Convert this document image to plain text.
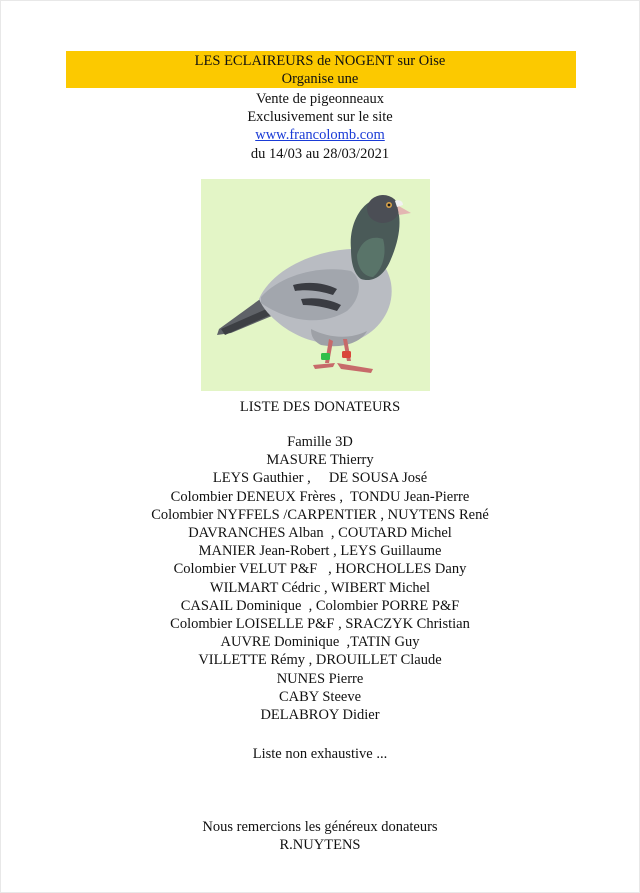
LES ECLAIREURS de NOGENT sur Oise
Organise une
Vente de pigeonneaux
Exclusivement sur le site
www.francolomb.com
du 14/03 au 28/03/2021
LISTE DES DONATEURS
Famille 3D
MASURE Thierry
LEYS Gauthier ,     DE SOUSA José
Colombier DENEUX Frères ,  TONDU Jean-Pierre
Colombier NYFFELS /CARPENTIER , NUYTENS René
DAVRANCHES Alban  , COUTARD Michel
MANIER Jean-Robert , LEYS Guillaume
Colombier VELUT P&F   , HORCHOLLES Dany
WILMART Cédric , WIBERT Michel
CASAIL Dominique  , Colombier PORRE P&F
Colombier LOISELLE P&F , SRACZYK Christian
AUVRE Dominique  ,TATIN Guy
VILLETTE Rémy , DROUILLET Claude
NUNES Pierre
CABY Steeve
DELABROY Didier
Liste non exhaustive ...
Nous remercions les généreux donateurs
R.NUYTENS
